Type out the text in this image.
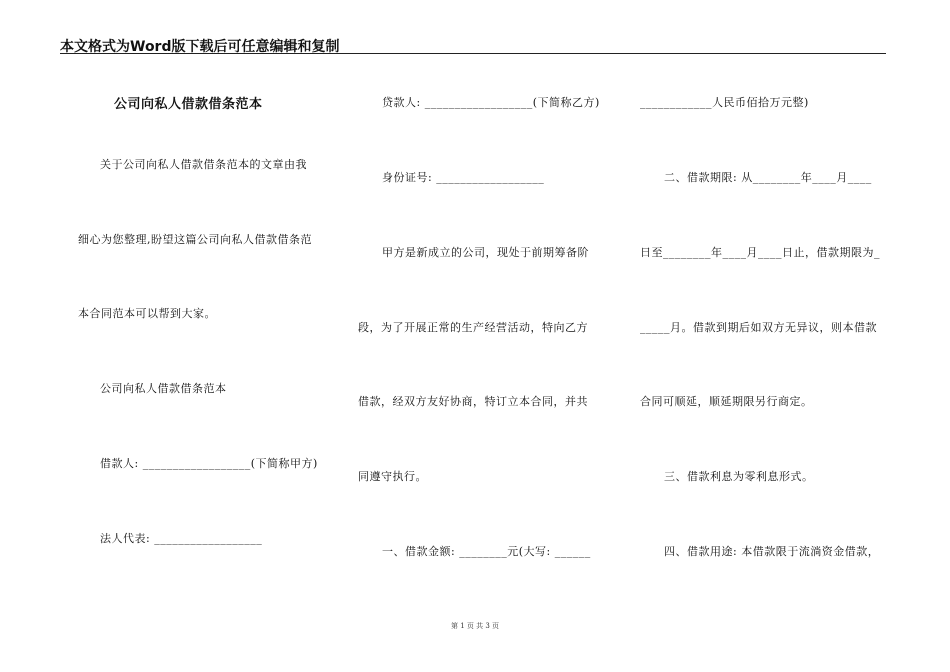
本文格式为Word版下载后可任意编辑和复制
公司向私人借款借条范本
关于公司向私人借款借条范本的文章由我
细心为您整理,盼望这篇公司向私人借款借条范
本合同范本可以帮到大家。
公司向私人借款借条范本
借款人: __________________(下简称甲方)
法人代表: __________________
贷款人: __________________(下简称乙方)
身份证号: __________________
甲方是新成立的公司，现处于前期筹备阶
段，为了开展正常的生产经营活动，特向乙方
借款，经双方友好协商，特订立本合同，并共
同遵守执行。
一、借款金额: ________元(大写: ______
____________人民币佰拾万元整)
二、借款期限: 从________年____月____
日至________年____月____日止，借款期限为_
_____月。借款到期后如双方无异议，则本借款
合同可顺延，顺延期限另行商定。
三、借款利息为零利息形式。
四、借款用途: 本借款限于流淌资金借款，
第 1 页 共 3 页
